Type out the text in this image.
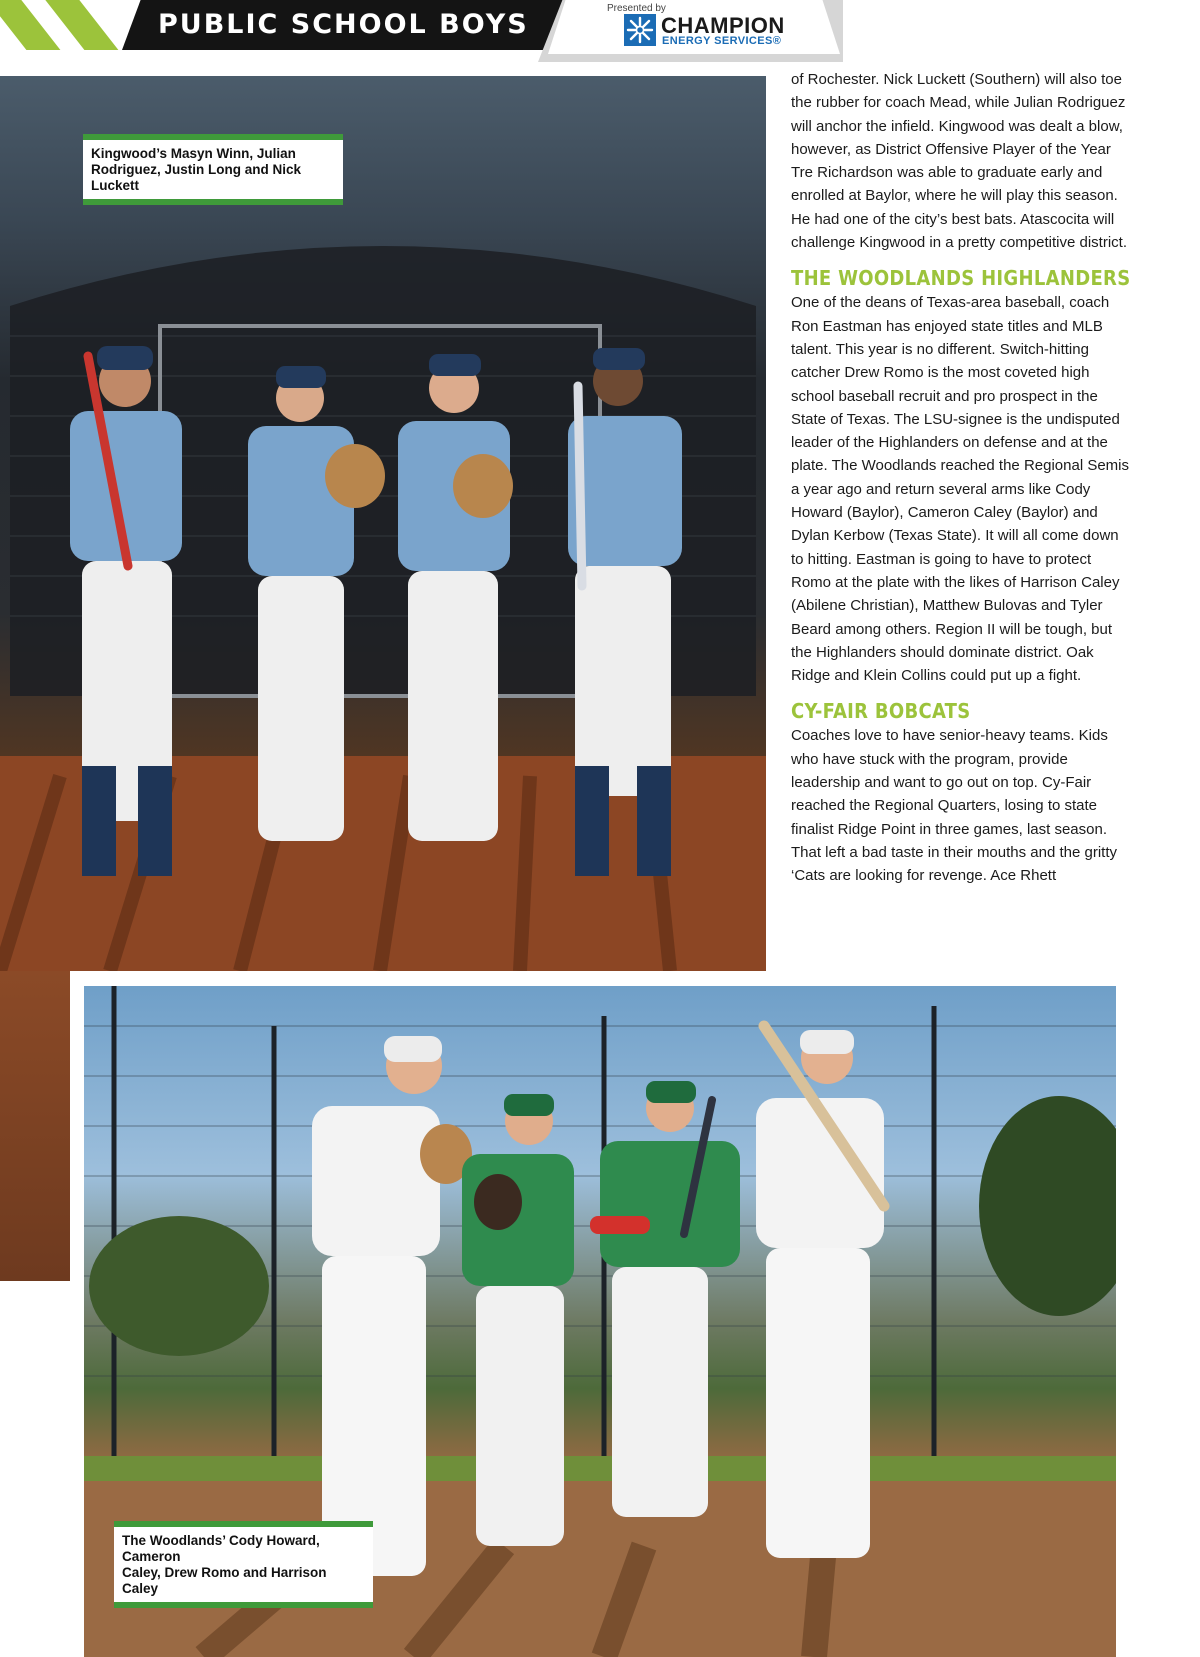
PUBLIC SCHOOL BOYS
Presented by
CHAMPION
ENERGY SERVICES®
Kingwood’s Masyn Winn, Julian
Rodriguez, Justin Long and Nick Luckett
The Woodlands’ Cody Howard, Cameron
Caley, Drew Romo and Harrison Caley

of Rochester. Nick Luckett (Southern) will also toe the rubber for coach Mead, while Julian Rodriguez will anchor the infield. Kingwood was dealt a blow, however, as District Offensive Player of the Year Tre Richardson was able to graduate early and enrolled at Baylor, where he will play this season. He had one of the city’s best bats. Atascocita will challenge Kingwood in a pretty competitive district.

THE WOODLANDS HIGHLANDERS

One of the deans of Texas-area baseball, coach Ron Eastman has enjoyed state titles and MLB talent. This year is no different. Switch-hitting catcher Drew Romo is the most coveted high school baseball recruit and pro prospect in the State of Texas. The LSU-signee is the undisputed leader of the Highlanders on defense and at the plate. The Woodlands reached the Regional Semis a year ago and return several arms like Cody Howard (Baylor), Cameron Caley (Baylor) and Dylan Kerbow (Texas State). It will all come down to hitting. Eastman is going to have to protect Romo at the plate with the likes of Harrison Caley (Abilene Christian), Matthew Bulovas and Tyler Beard among others. Region II will be tough, but the Highlanders should dominate district. Oak Ridge and Klein Collins could put up a fight.

CY-FAIR BOBCATS

Coaches love to have senior-heavy teams. Kids who have stuck with the program, provide leadership and want to go out on top. Cy-Fair reached the Regional Quarters, losing to state finalist Ridge Point in three games, last season. That left a bad taste in their mouths and the gritty ‘Cats are looking for revenge. Ace Rhett
